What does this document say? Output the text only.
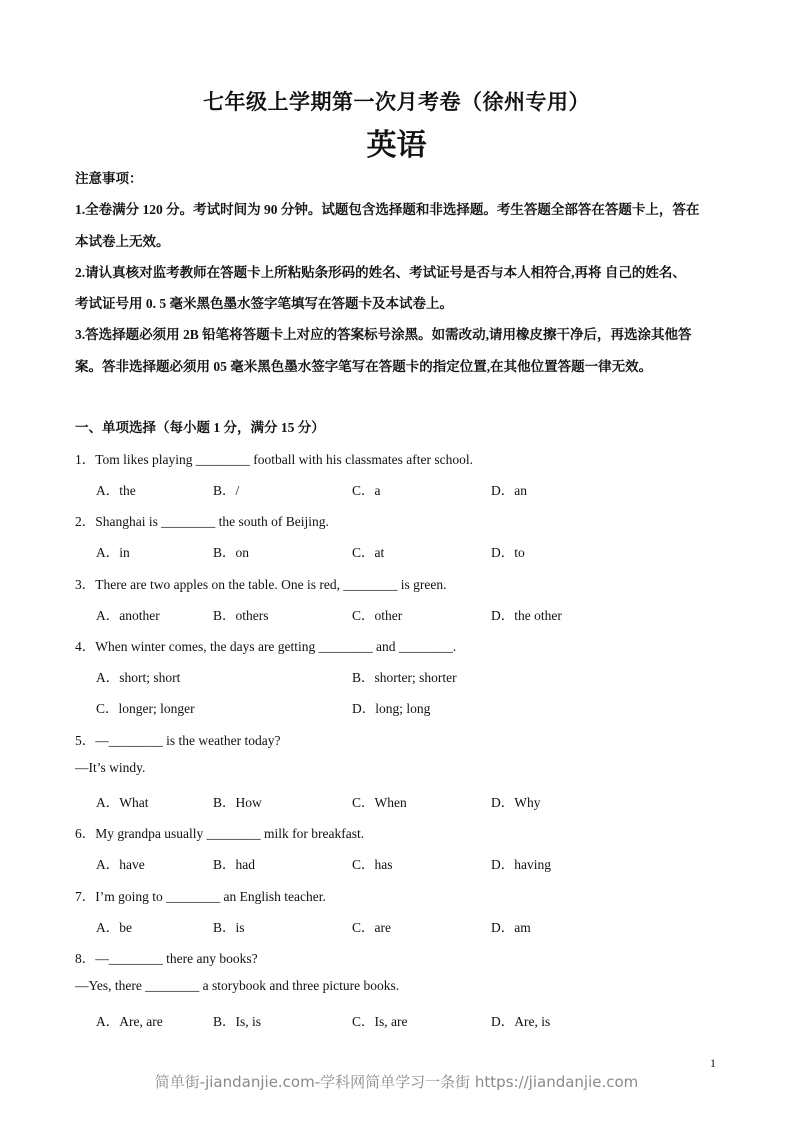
七年级上学期第一次月考卷（徐州专用）
英语
注意事项：
1.全卷满分 120 分。考试时间为 90 分钟。试题包含选择题和非选择题。考生答题全部答在答题卡上，答在
本试卷上无效。
2.请认真核对监考教师在答题卡上所粘贴条形码的姓名、考试证号是否与本人相符合,再将 自己的姓名、
考试证号用 0. 5 毫米黑色墨水签字笔填写在答题卡及本试卷上。
3.答选择题必须用 2B 铅笔将答题卡上对应的答案标号涂黑。如需改动,请用橡皮擦干净后，再选涂其他答
案。答非选择题必须用 05 毫米黑色墨水签字笔写在答题卡的指定位置,在其他位置答题一律无效。
一、单项选择（每小题 1 分，满分 15 分）
1．Tom likes playing ________ football with his classmates after school.
A．the	B．/	C．a	D．an
2．Shanghai is ________ the south of Beijing.
A．in	B．on	C．at	D．to
3．There are two apples on the table. One is red, ________ is green.
A．another	B．others	C．other	D．the other
4．When winter comes, the days are getting ________ and ________.
A．short; short	B．shorter; shorter
C．longer; longer	D．long; long
5．—________ is the weather today?
—It’s windy.
A．What	B．How	C．When	D．Why
6．My grandpa usually ________ milk for breakfast.
A．have	B．had	C．has	D．having
7．I’m going to ________ an English teacher.
A．be	B．is	C．are	D．am
8．—________ there any books?
—Yes, there ________ a storybook and three picture books.
A．Are, are	B．Is, is	C．Is, are	D．Are, is
1
简单街-jiandanjie.com-学科网简单学习一条街 https://jiandanjie.com
